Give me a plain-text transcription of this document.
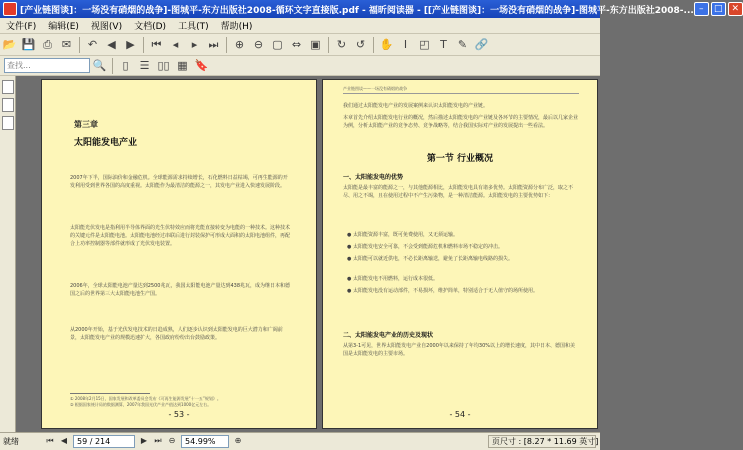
[产业链图谈]：一场没有硝烟的战争]-图城平-东方出版社2008-循环文字直接版.pdf - 福昕阅读器 - [[产业链图谈]：一场没有硝烟的战争]-图城平-东方出版社2008-... –	□ ✕
文件(F)	编辑(E)	视图(V)	文档(D)	工具(T)	帮助(H)
📂 💾 ⎙ ✉	↶ ◀ ▶	⏮	◂	▸	⏭	⊕ ⊖ ▢ ⇔ ▣	↻ ↺	✋ Ⅰ	◰ T	✎ 🔗
查找...
🔍	▯	☰ ▯▯ ▦ 🔖
第三章
太阳能发电产业
2007年下半，国际油价和金融危机。全球能源需求持续增长，石化燃料日益枯竭，可再生能源的开发利用受到世界各国的高度重视。太阳能作为最清洁的能源之一，其发电产业进入快速发展阶段。
太阳能光伏发电是指利用半导体界面的光生伏特效应而将光能直接转变为电能的一种技术。这种技术的关键元件是太阳能电池。太阳能电池经过串联后进行封装保护可形成大面积的太阳电池组件，再配合上功率控制器等部件就形成了光伏发电装置。
2006年，全球太阳能电池产量达到2500兆瓦，我国太阳能电池产量达到438兆瓦，成为继日本和德国之后的世界第三大太阳能电池生产国。
从2000年开始，基于光伏发电技术的日趋成熟，人们逐步认识到太阳能发电的巨大潜力和广阔前景，太阳能发电产业的规模迅速扩大，各国政府纷纷出台鼓励政策。
① 2008年2月15日，国家发展和改革委员会发布《可再生能源发展“十一五”规划》。
② 根据国家统计局的数据测算，2007年我国光伏产业产值达到1000亿元左右。
- 53 -
产业链图谈——一场没有硝烟的战争
我们通过太阳能发电产业的发展案例来认识太阳能发电的产业链。
本章首先介绍太阳能发电行业的概况，然后描述太阳能发电的产业链及各环节的主要情况，最后以几家企业为例，分析太阳能产业的竞争态势、竞争战略等，结合我国实际对产业的发展提出一些看法。
第一节 行业概况
一、太阳能发电的优势
太阳能是最丰富的能源之一，与其他能源相比，太阳能发电具有诸多优势。太阳能资源分布广泛，取之不尽、用之不竭，且在使用过程中不产生污染物，是一种清洁能源。太阳能发电的主要优势如下：
● 太阳能资源丰富，既可免费使用，又无须运输。
● 太阳能发电安全可靠，不会受到能源危机和燃料市场不稳定的冲击。
● 太阳能可以就近供电，不必长距离输送，避免了长距离输电线路的损失。
● 太阳能发电不用燃料，运行成本很低。
● 太阳能发电没有运动部件，不易损坏，维护简单，特别适合于无人值守的场所使用。
二、太阳能发电产业的历史及现状
从第3-1可见，世界太阳能发电产业自2000年以来保持了年均30%以上的增长速度，其中日本、德国和美国是太阳能发电的主要市场。
- 54 -
就绪	⏮ ◀	59 / 214	▶ ⏭ ⊖	54.99%	⊕	页尺寸 : [8.27 * 11.69 英寸]
